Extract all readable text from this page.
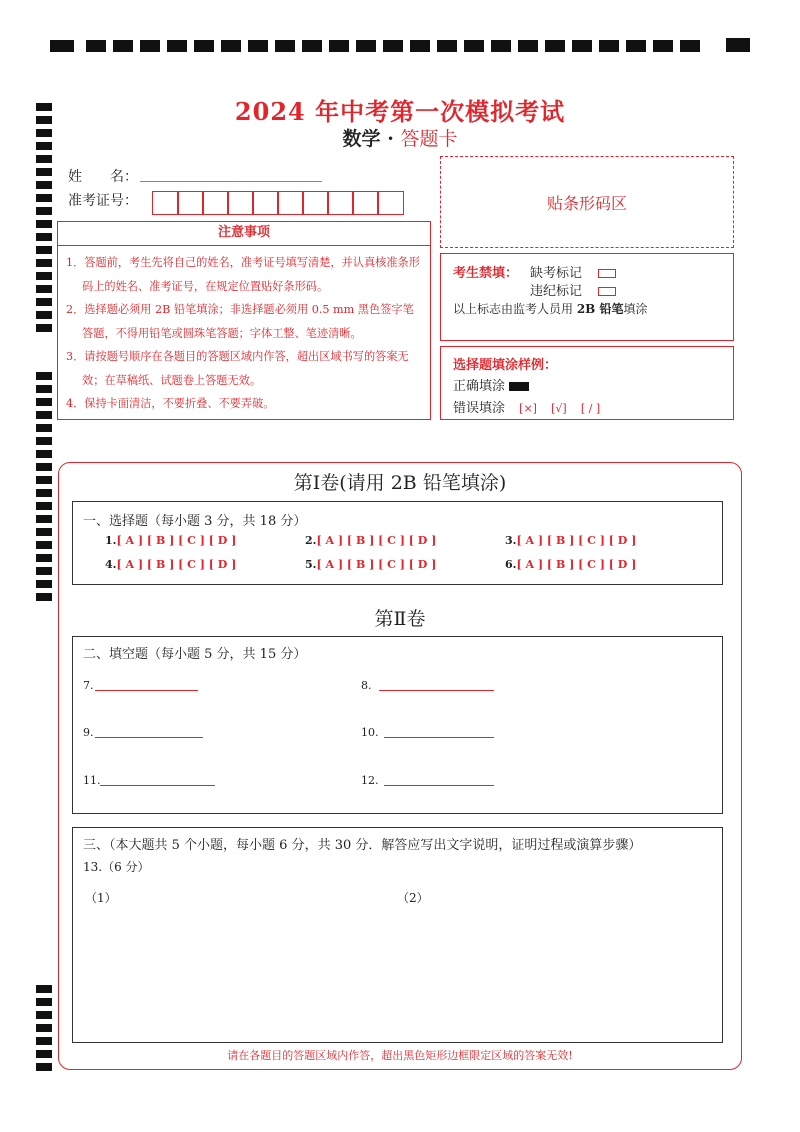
2024 年中考第一次模拟考试
数学 · 答题卡
姓　　名：
准考证号：	贴条形码区
注意事项
1．答题前，考生先将自己的姓名，准考证号填写清楚，并认真核准条形码上的姓名、准考证号，在规定位置贴好条形码。
2．选择题必须用 2B 铅笔填涂；非选择题必须用 0.5 mm 黑色签字笔答题，不得用铅笔或圆珠笔答题；字体工整、笔迹清晰。
3．请按题号顺序在各题目的答题区域内作答，超出区域书写的答案无效；在草稿纸、试题卷上答题无效。
4．保持卡面清洁，不要折叠、不要弄破。
考生禁填： 缺考标记
违纪标记
以上标志由监考人员用 2B 铅笔填涂
选择题填涂样例：
正确填涂
错误填涂 [×] [√] [ / ]
第Ⅰ卷(请用 2B 铅笔填涂)
一、选择题（每小题 3 分，共 18 分）
1.[ A ] [ B ] [ C ] [ D ]	2.[ A ] [ B ] [ C ] [ D ]	3.[ A ] [ B ] [ C ] [ D ]
4.[ A ] [ B ] [ C ] [ D ]	5.[ A ] [ B ] [ C ] [ D ]	6.[ A ] [ B ] [ C ] [ D ]
第Ⅱ卷
二、填空题（每小题 5 分，共 15 分）
7.	8.
9.	10.
11.	12.
三、（本大题共 5 个小题，每小题 6 分，共 30 分．解答应写出文字说明，证明过程或演算步骤）
13.（6 分）
（1）	（2）
请在各题目的答题区域内作答，超出黑色矩形边框限定区域的答案无效!
